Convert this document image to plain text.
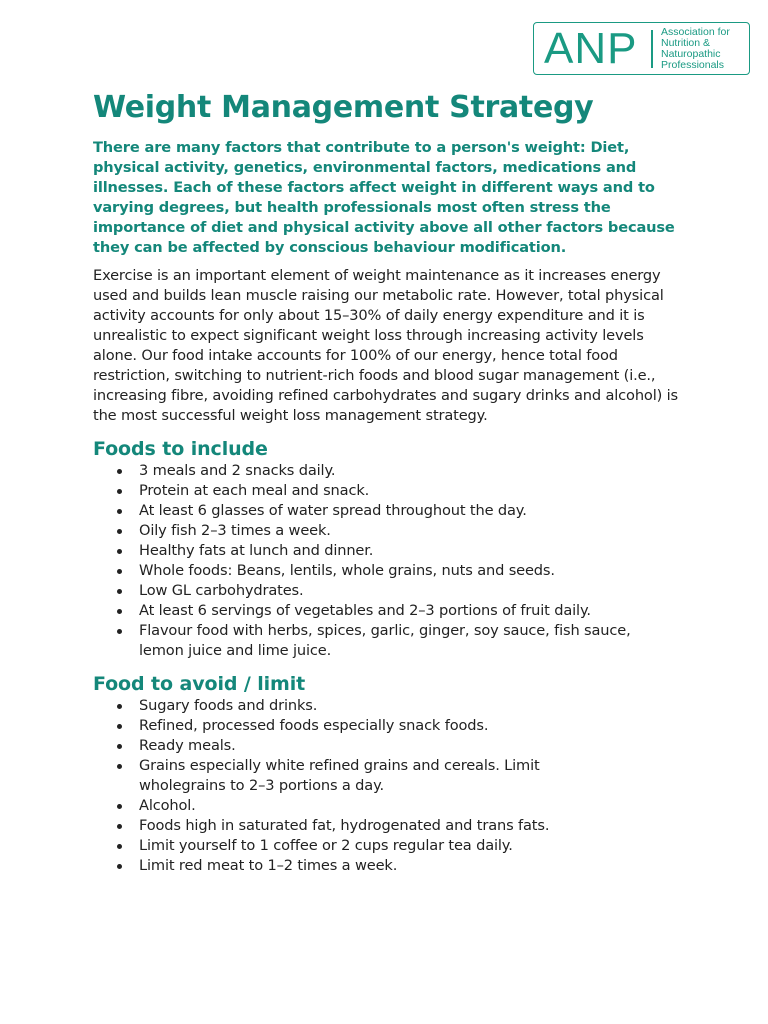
ANP Association for
Nutrition &
Naturopathic
Professionals
Weight Management Strategy

There are many factors that contribute to a person's weight: Diet, physical activity, genetics, environmental factors, medications and illnesses. Each of these factors affect weight in different ways and to varying degrees, but health professionals most often stress the importance of diet and physical activity above all other factors because they can be affected by conscious behaviour modification.

Exercise is an important element of weight maintenance as it increases energy used and builds lean muscle raising our metabolic rate. However, total physical activity accounts for only about 15–30% of daily energy expenditure and it is unrealistic to expect significant weight loss through increasing activity levels alone. Our food intake accounts for 100% of our energy, hence total food restriction, switching to nutrient-rich foods and blood sugar management (i.e., increasing fibre, avoiding refined carbohydrates and sugary drinks and alcohol) is the most successful weight loss management strategy.

Foods to include
3 meals and 2 snacks daily.
Protein at each meal and snack.
At least 6 glasses of water spread throughout the day.
Oily fish 2–3 times a week.
Healthy fats at lunch and dinner.
Whole foods: Beans, lentils, whole grains, nuts and seeds.
Low GL carbohydrates.
At least 6 servings of vegetables and 2–3 portions of fruit daily.
Flavour food with herbs, spices, garlic, ginger, soy sauce, fish sauce, lemon juice and lime juice.
Food to avoid / limit
Sugary foods and drinks.
Refined, processed foods especially snack foods.
Ready meals.
Grains especially white refined grains and cereals. Limit wholegrains to 2–3 portions a day.
Alcohol.
Foods high in saturated fat, hydrogenated and trans fats.
Limit yourself to 1 coffee or 2 cups regular tea daily.
Limit red meat to 1–2 times a week.
